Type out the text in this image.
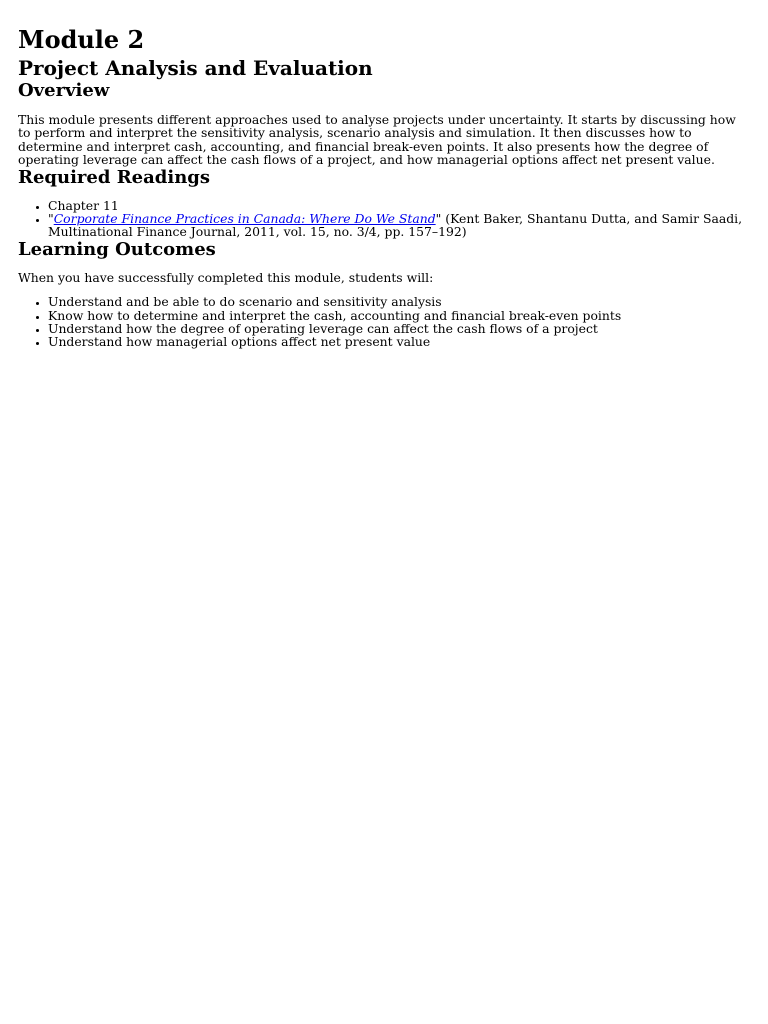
Module 2
Project Analysis and Evaluation
Overview

This module presents different approaches used to analyse projects under uncertainty. It starts by discussing how to perform and interpret the sensitivity analysis, scenario analysis and simulation. It then discusses how to determine and interpret cash, accounting, and financial break-even points. It also presents how the degree of operating leverage can affect the cash flows of a project, and how managerial options affect net present value.

Required Readings
• Chapter 11
• "Corporate Finance Practices in Canada: Where Do We Stand" (Kent Baker, Shantanu Dutta, and Samir Saadi, Multinational Finance Journal, 2011, vol. 15, no. 3/4, pp. 157–192)
Learning Outcomes

When you have successfully completed this module, students will:

• Understand and be able to do scenario and sensitivity analysis
• Know how to determine and interpret the cash, accounting and financial break-even points
• Understand how the degree of operating leverage can affect the cash flows of a project
• Understand how managerial options affect net present value
